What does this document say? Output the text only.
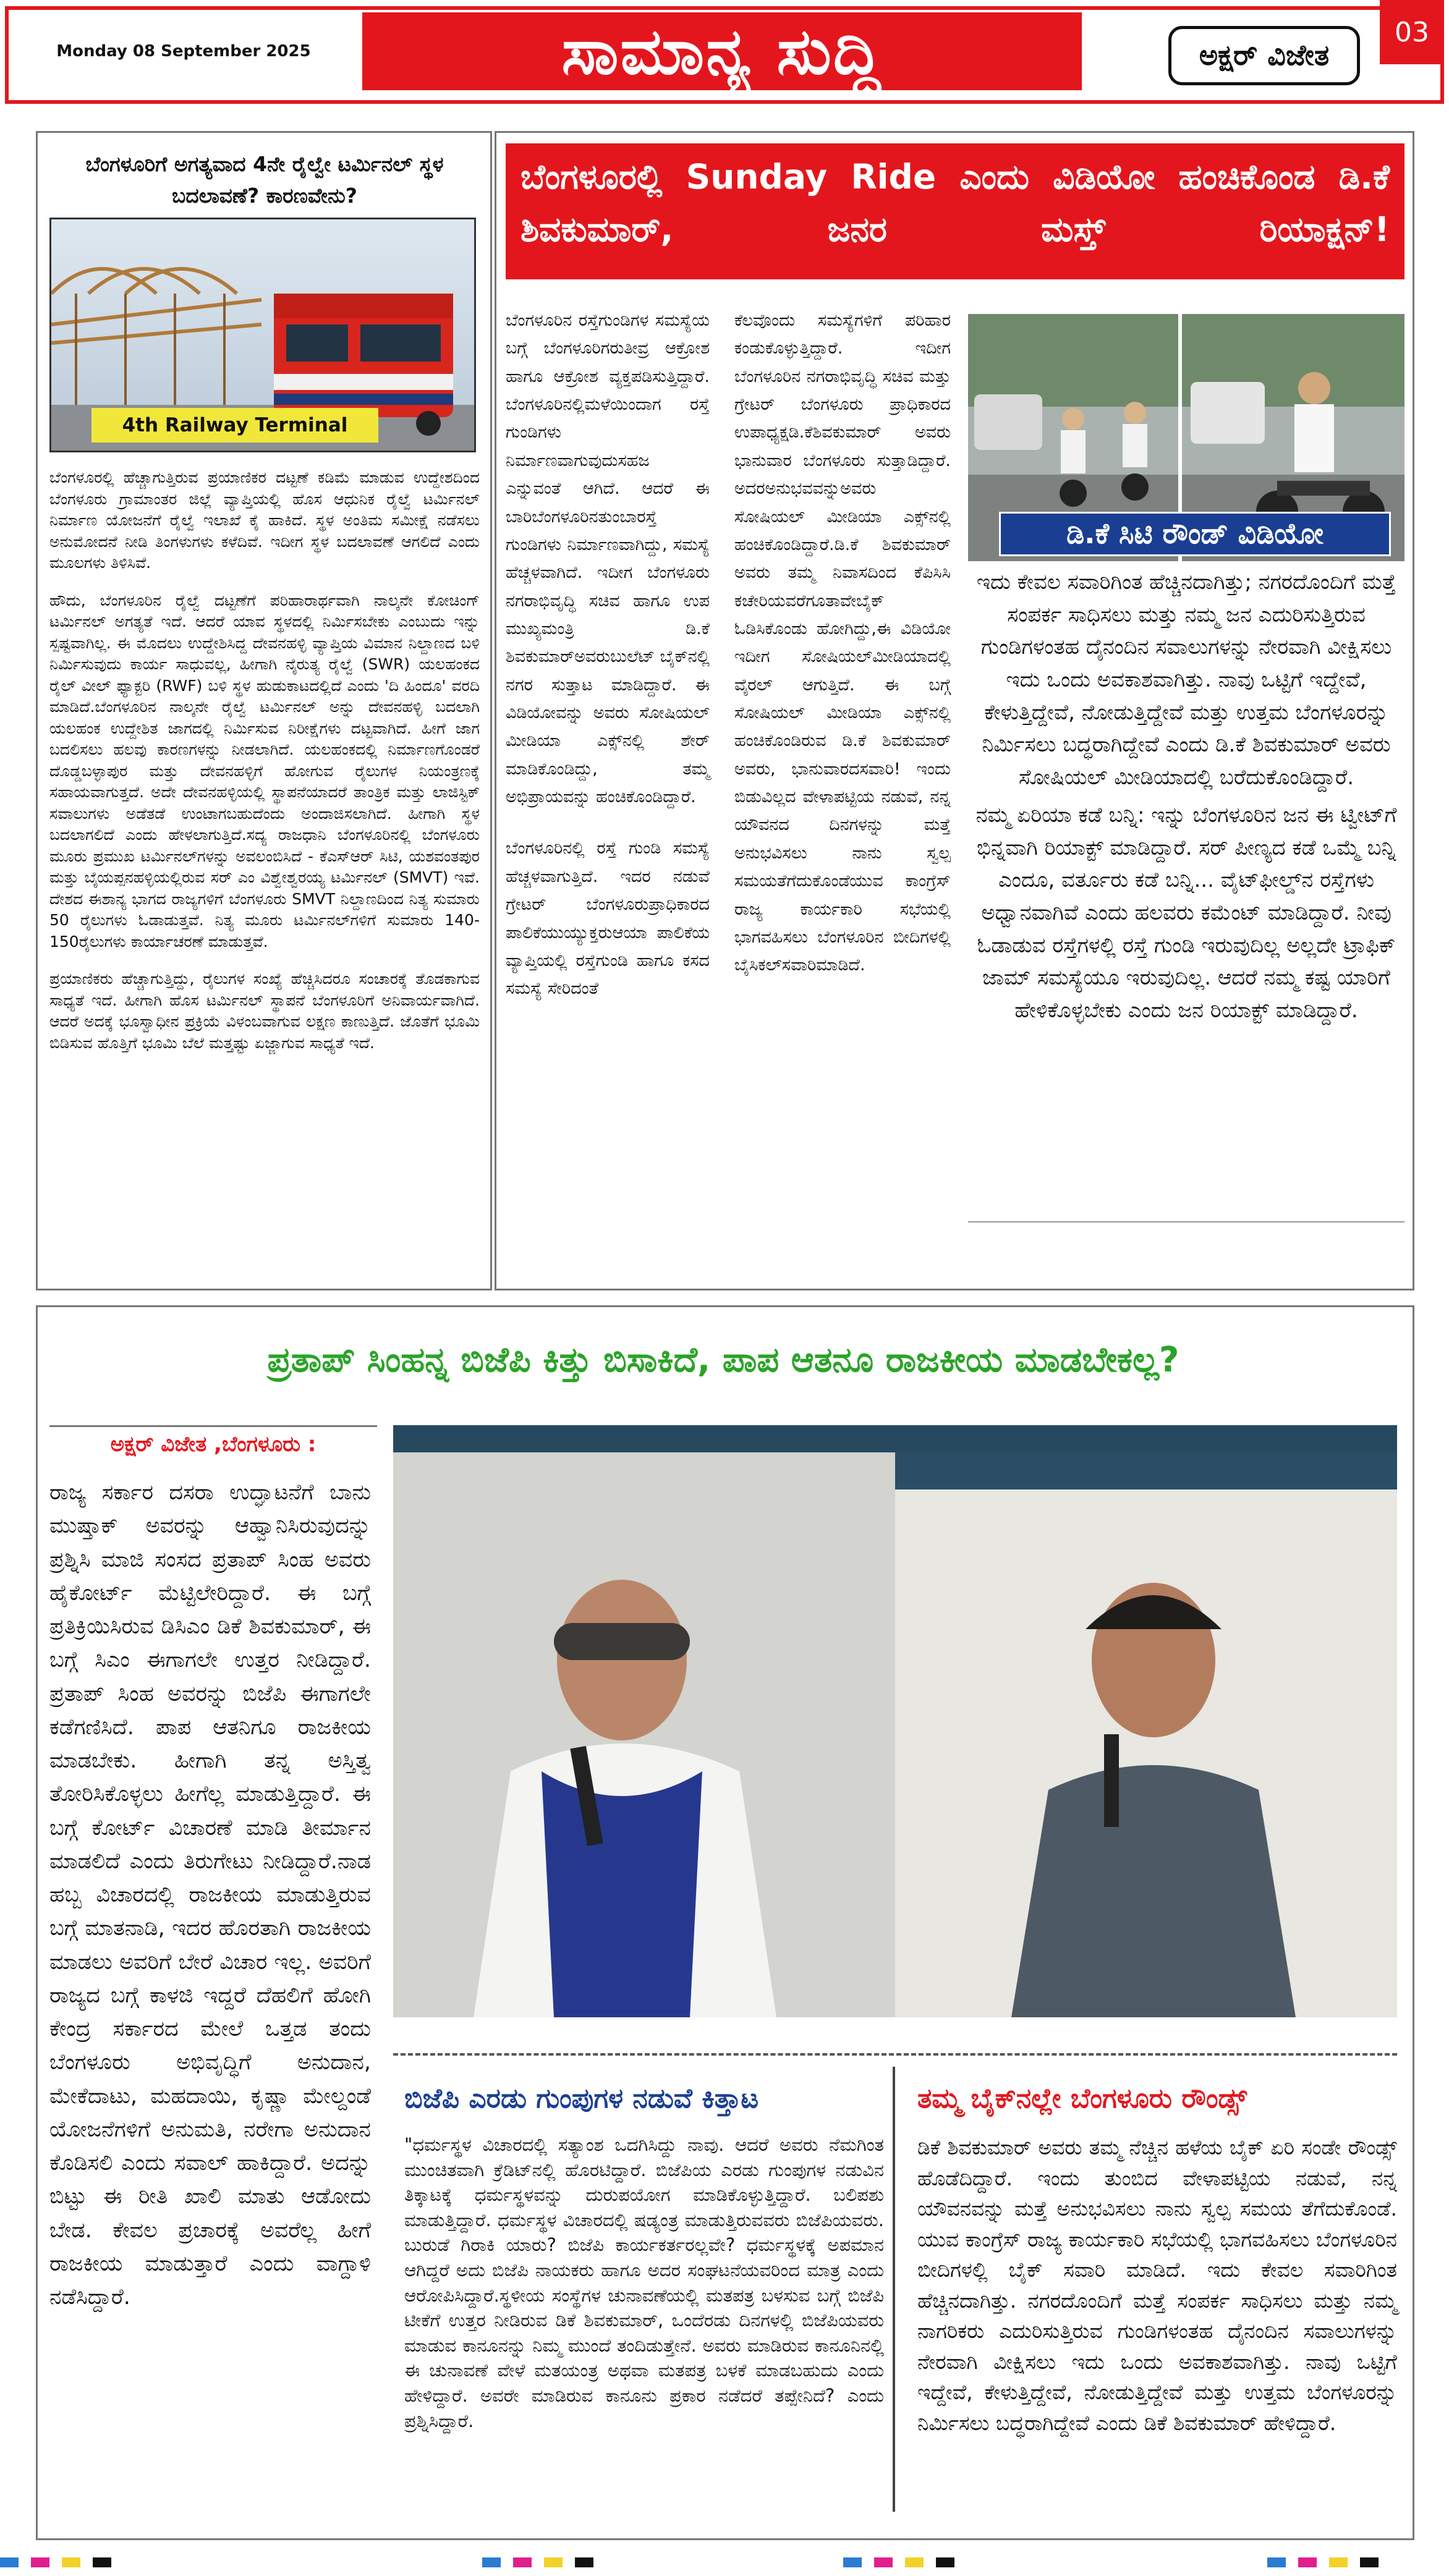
Monday 08 September 2025	ಸಾಮಾನ್ಯ ಸುದ್ದಿ	ಅಕ್ಷರ್ ವಿಜೇತ
03
ಬೆಂಗಳೂರಿಗೆ ಅಗತ್ಯವಾದ 4ನೇ ರೈಲ್ವೇ ಟರ್ಮಿನಲ್ ಸ್ಥಳ ಬದಲಾವಣೆ? ಕಾರಣವೇನು?
4th Railway Terminal

ಬೆಂಗಳೂರಲ್ಲಿ ಹೆಚ್ಚಾಗುತ್ತಿರುವ ಪ್ರಯಾಣಿಕರ ದಟ್ಟಣೆ ಕಡಿಮೆ ಮಾಡುವ ಉದ್ದೇಶದಿಂದ ಬೆಂಗಳೂರು ಗ್ರಾಮಾಂತರ ಜಿಲ್ಲೆ ವ್ಯಾಪ್ತಿಯಲ್ಲಿ ಹೊಸ ಆಧುನಿಕ ರೈಲ್ವೆ ಟರ್ಮಿನಲ್ ನಿರ್ಮಾಣ ಯೋಜನೆಗೆ ರೈಲ್ವೆ ಇಲಾಖೆ ಕೈ ಹಾಕಿದೆ. ಸ್ಥಳ ಅಂತಿಮ ಸಮೀಕ್ಷೆ ನಡೆಸಲು ಅನುಮೋದನೆ ನೀಡಿ ತಿಂಗಳುಗಳು ಕಳೆದಿವೆ. ಇದೀಗ ಸ್ಥಳ ಬದಲಾವಣೆ ಆಗಲಿದೆ ಎಂದು ಮೂಲಗಳು ತಿಳಿಸಿವೆ.

ಹೌದು, ಬೆಂಗಳೂರಿನ ರೈಲ್ವೆ ದಟ್ಟಣೆಗೆ ಪರಿಹಾರಾರ್ಥವಾಗಿ ನಾಲ್ಕನೇ ಕೋಚಿಂಗ್ ಟರ್ಮಿನಲ್ ಅಗತ್ಯತೆ ಇದೆ. ಆದರೆ ಯಾವ ಸ್ಥಳದಲ್ಲಿ ನಿರ್ಮಿಸಬೇಕು ಎಂಬುದು ಇನ್ನು ಸ್ಪಷ್ಟವಾಗಿಲ್ಲ. ಈ ಮೊದಲು ಉದ್ದೇಶಿಸಿದ್ದ ದೇವನಹಳ್ಳಿ ವ್ಯಾಪ್ತಿಯ ವಿಮಾನ ನಿಲ್ದಾಣದ ಬಳಿ ನಿರ್ಮಿಸುವುದು ಕಾರ್ಯ ಸಾಧುವಲ್ಲ, ಹೀಗಾಗಿ ನೈರುತ್ಯ ರೈಲ್ವೆ (SWR) ಯಲಹಂಕದ ರೈಲ್ ವೀಲ್ ಫ್ಯಾಕ್ಟರಿ (RWF) ಬಳಿ ಸ್ಥಳ ಹುಡುಕಾಟದಲ್ಲಿದೆ ಎಂದು 'ದಿ ಹಿಂದೂ' ವರದಿ ಮಾಡಿದೆ.ಬೆಂಗಳೂರಿನ ನಾಲ್ಕನೇ ರೈಲ್ವೆ ಟರ್ಮಿನಲ್ ಅನ್ನು ದೇವನಹಳ್ಳಿ ಬದಲಾಗಿ ಯಲಹಂಕ ಉದ್ದೇಶಿತ ಜಾಗದಲ್ಲಿ ನಿರ್ಮಿಸುವ ನಿರೀಕ್ಷೆಗಳು ದಟ್ಟವಾಗಿದೆ. ಹೀಗೆ ಜಾಗ ಬದಲಿಸಲು ಹಲವು ಕಾರಣಗಳನ್ನು ನೀಡಲಾಗಿದೆ. ಯಲಹಂಕದಲ್ಲಿ ನಿರ್ಮಾಣಗೊಂಡರೆ ದೊಡ್ಡಬಳ್ಳಾಪುರ ಮತ್ತು ದೇವನಹಳ್ಳಿಗೆ ಹೋಗುವ ರೈಲುಗಳ ನಿಯಂತ್ರಣಕ್ಕೆ ಸಹಾಯವಾಗುತ್ತದೆ. ಅದೇ ದೇವನಹಳ್ಳಿಯಲ್ಲಿ ಸ್ಥಾಪನೆಯಾದರೆ ತಾಂತ್ರಿಕ ಮತ್ತು ಲಾಜಿಸ್ಟಿಕ್ ಸವಾಲುಗಳು ಅಡೆತಡೆ ಉಂಟಾಗಬಹುದೆಂದು ಅಂದಾಜಿಸಲಾಗಿದೆ. ಹೀಗಾಗಿ ಸ್ಥಳ ಬದಲಾಗಲಿದೆ ಎಂದು ಹೇಳಲಾಗುತ್ತಿದೆ.ಸದ್ಯ ರಾಜಧಾನಿ ಬೆಂಗಳೂರಿನಲ್ಲಿ ಬೆಂಗಳೂರು ಮೂರು ಪ್ರಮುಖ ಟರ್ಮಿನಲ್‌ಗಳನ್ನು ಅವಲಂಬಿಸಿದೆ - ಕೆಎಸ್‌ಆರ್ ಸಿಟಿ, ಯಶವಂತಪುರ ಮತ್ತು ಬೈಯಪ್ಪನಹಳ್ಳಿಯಲ್ಲಿರುವ ಸರ್ ಎಂ ವಿಶ್ವೇಶ್ವರಯ್ಯ ಟರ್ಮಿನಲ್ (SMVT) ಇವೆ. ದೇಶದ ಈಶಾನ್ಯ ಭಾಗದ ರಾಜ್ಯಗಳಿಗೆ ಬೆಂಗಳೂರು SMVT ನಿಲ್ದಾಣದಿಂದ ನಿತ್ಯ ಸುಮಾರು 50 ರೈಲುಗಳು ಓಡಾಡುತ್ತವೆ. ನಿತ್ಯ ಮೂರು ಟರ್ಮಿನಲ್‌ಗಳಿಗೆ ಸುಮಾರು 140- 150ರೈಲುಗಳು ಕಾರ್ಯಾಚರಣೆ ಮಾಡುತ್ತವೆ.

ಪ್ರಯಾಣಿಕರು ಹೆಚ್ಚಾಗುತ್ತಿದ್ದು, ರೈಲುಗಳ ಸಂಖ್ಯೆ ಹೆಚ್ಚಿಸಿದರೂ ಸಂಚಾರಕ್ಕೆ ತೊಡಕಾಗುವ ಸಾಧ್ಯತೆ ಇದೆ. ಹೀಗಾಗಿ ಹೊಸ ಟರ್ಮಿನಲ್ ಸ್ಥಾಪನೆ ಬೆಂಗಳೂರಿಗೆ ಅನಿವಾರ್ಯವಾಗಿದೆ. ಆದರೆ ಅದಕ್ಕೆ ಭೂಸ್ವಾಧೀನ ಪ್ರಕ್ರಿಯೆ ವಿಳಂಬವಾಗುವ ಲಕ್ಷಣ ಕಾಣುತ್ತಿದೆ. ಜೊತೆಗೆ ಭೂಮಿ ಬಿಡಿಸುವ ಹೊತ್ತಿಗೆ ಭೂಮಿ ಬೆಲೆ ಮತ್ತಷ್ಟು ಏಜ್ಜಾಗುವ ಸಾಧ್ಯತೆ ಇದೆ.

ಬೆಂಗಳೂರಲ್ಲಿ Sunday Ride ಎಂದು ವಿಡಿಯೋ ಹಂಚಿಕೊಂಡ ಡಿ.ಕೆ ಶಿವಕುಮಾರ್, ಜನರ ಮಸ್ತ್ ರಿಯಾಕ್ಷನ್!

ಬೆಂಗಳೂರಿನ ರಸ್ತೆಗುಂಡಿಗಳ ಸಮಸ್ಯೆಯ ಬಗ್ಗೆ ಬೆಂಗಳೂರಿಗರುತೀವ್ರ ಆಕ್ರೋಶ ಹಾಗೂ ಆಕ್ರೋಶ ವ್ಯಕ್ತಪಡಿಸುತ್ತಿದ್ದಾರೆ. ಬೆಂಗಳೂರಿನಲ್ಲಿಮಳೆಯಿಂದಾಗ ರಸ್ತೆ ಗುಂಡಿಗಳು ನಿರ್ಮಾಣವಾಗುವುದುಸಹಜ ಎನ್ನುವಂತೆ ಆಗಿದೆ. ಆದರೆ ಈ ಬಾರಿಬೆಂಗಳೂರಿನತುಂಬಾರಸ್ತೆ ಗುಂಡಿಗಳು ನಿರ್ಮಾಣವಾಗಿದ್ದು, ಸಮಸ್ಯೆ ಹೆಚ್ಚಳವಾಗಿದೆ. ಇದೀಗ ಬೆಂಗಳೂರು ನಗರಾಭಿವೃದ್ಧಿ ಸಚಿವ ಹಾಗೂ ಉಪ ಮುಖ್ಯಮಂತ್ರಿ ಡಿ.ಕೆ ಶಿವಕುಮಾರ್‌ಅವರುಬುಲೆಟ್ ಬೈಕ್‌ನಲ್ಲಿ ನಗರ ಸುತ್ತಾಟ ಮಾಡಿದ್ದಾರೆ. ಈ ವಿಡಿಯೋವನ್ನು ಅವರು ಸೋಷಿಯಲ್ ಮೀಡಿಯಾ ಎಕ್ಸ್‌ನಲ್ಲಿ ಶೇರ್ ಮಾಡಿಕೊಂಡಿದ್ದು, ತಮ್ಮ ಅಭಿಪ್ರಾಯವನ್ನು ಹಂಚಿಕೊಂಡಿದ್ದಾರೆ.

ಬೆಂಗಳೂರಿನಲ್ಲಿ ರಸ್ತೆ ಗುಂಡಿ ಸಮಸ್ಯೆ ಹೆಚ್ಚಳವಾಗುತ್ತಿದೆ. ಇದರ ನಡುವೆ ಗ್ರೇಟರ್ ಬೆಂಗಳೂರುಪ್ರಾಧಿಕಾರದ ಪಾಲಿಕೆಯುಯ್ಯುಕ್ತರುಆಯಾ ಪಾಲಿಕೆಯ ವ್ಯಾಪ್ತಿಯಲ್ಲಿ ರಸ್ತೆಗುಂಡಿ ಹಾಗೂ ಕಸದ ಸಮಸ್ಯೆ ಸೇರಿದಂತೆ

ಕೆಲವೊಂದು ಸಮಸ್ಯೆಗಳಿಗೆ ಪರಿಹಾರ ಕಂಡುಕೊಳ್ಳುತ್ತಿದ್ದಾರೆ. ಇದೀಗ ಬೆಂಗಳೂರಿನ ನಗರಾಭಿವೃದ್ಧಿ ಸಚಿವ ಮತ್ತು ಗ್ರೇಟರ್ ಬೆಂಗಳೂರು ಪ್ರಾಧಿಕಾರದ ಉಪಾಧ್ಯಕ್ಷಡಿ.ಕೆಶಿವಕುಮಾರ್ ಅವರು ಭಾನುವಾರ ಬೆಂಗಳೂರು ಸುತ್ತಾಡಿದ್ದಾರೆ. ಅದರಅನುಭವವನ್ನುಅವರು ಸೋಷಿಯಲ್ ಮೀಡಿಯಾ ಎಕ್ಸ್‌ನಲ್ಲಿ ಹಂಚಿಕೊಂಡಿದ್ದಾರೆ.ಡಿ.ಕೆ ಶಿವಕುಮಾರ್ ಅವರು ತಮ್ಮ ನಿವಾಸದಿಂದ ಕೆಪಿಸಿಸಿ ಕಚೇರಿಯವರೆಗೂತಾವೇಬೈಕ್ ಓಡಿಸಿಕೊಂಡು ಹೋಗಿದ್ದು,ಈ ವಿಡಿಯೋ ಇದೀಗ ಸೋಷಿಯಲ್‌ಮೀಡಿಯಾದಲ್ಲಿ ವೈರಲ್ ಆಗುತ್ತಿದೆ. ಈ ಬಗ್ಗೆ ಸೋಷಿಯಲ್ ಮೀಡಿಯಾ ಎಕ್ಸ್‌ನಲ್ಲಿ ಹಂಚಿಕೊಂಡಿರುವ ಡಿ.ಕೆ ಶಿವಕುಮಾರ್ ಅವರು, ಭಾನುವಾರದಸವಾರಿ! ಇಂದು ಬಿಡುವಿಲ್ಲದ ವೇಳಾಪಟ್ಟಿಯ ನಡುವೆ, ನನ್ನ ಯೌವನದ ದಿನಗಳನ್ನು ಮತ್ತೆ ಅನುಭವಿಸಲು ನಾನು ಸ್ವಲ್ಪ ಸಮಯತೆಗೆದುಕೊಂಡೆಯುವ ಕಾಂಗ್ರೆಸ್ ರಾಜ್ಯ ಕಾರ್ಯಕಾರಿ ಸಭೆಯಲ್ಲಿ ಭಾಗವಹಿಸಲು ಬೆಂಗಳೂರಿನ ಬೀದಿಗಳಲ್ಲಿ ಬೈಸಿಕಲ್‌ಸವಾರಿಮಾಡಿದೆ.

ಡಿ.ಕೆ ಸಿಟಿ ರೌಂಡ್ ವಿಡಿಯೋ

ಇದು ಕೇವಲ ಸವಾರಿಗಿಂತ ಹೆಚ್ಚಿನದಾಗಿತ್ತು; ನಗರದೊಂದಿಗೆ ಮತ್ತೆ ಸಂಪರ್ಕ ಸಾಧಿಸಲು ಮತ್ತು ನಮ್ಮ ಜನ ಎದುರಿಸುತ್ತಿರುವ ಗುಂಡಿಗಳಂತಹ ದೈನಂದಿನ ಸವಾಲುಗಳನ್ನು ನೇರವಾಗಿ ವೀಕ್ಷಿಸಲು ಇದು ಒಂದು ಅವಕಾಶವಾಗಿತ್ತು. ನಾವು ಒಟ್ಟಿಗೆ ಇದ್ದೇವೆ, ಕೇಳುತ್ತಿದ್ದೇವೆ, ನೋಡುತ್ತಿದ್ದೇವೆ ಮತ್ತು ಉತ್ತಮ ಬೆಂಗಳೂರನ್ನು ನಿರ್ಮಿಸಲು ಬದ್ಧರಾಗಿದ್ದೇವೆ ಎಂದು ಡಿ.ಕೆ ಶಿವಕುಮಾರ್ ಅವರು ಸೋಷಿಯಲ್ ಮೀಡಿಯಾದಲ್ಲಿ ಬರೆದುಕೊಂಡಿದ್ದಾರೆ.

ನಮ್ಮ ಏರಿಯಾ ಕಡೆ ಬನ್ನಿ: ಇನ್ನು ಬೆಂಗಳೂರಿನ ಜನ ಈ ಟ್ವೀಟ್‌ಗೆ ಭಿನ್ನವಾಗಿ ರಿಯಾಕ್ಟ್ ಮಾಡಿದ್ದಾರೆ. ಸರ್ ಪೀಣ್ಯದ ಕಡೆ ಒಮ್ಮೆ ಬನ್ನಿ ಎಂದೂ, ವರ್ತೂರು ಕಡೆ ಬನ್ನಿ... ವೈಟ್‌ಫೀಲ್ಡ್‌ನ ರಸ್ತೆಗಳು ಅಧ್ವಾನವಾಗಿವೆ ಎಂದು ಹಲವರು ಕಮೆಂಟ್ ಮಾಡಿದ್ದಾರೆ. ನೀವು ಓಡಾಡುವ ರಸ್ತೆಗಳಲ್ಲಿ ರಸ್ತೆ ಗುಂಡಿ ಇರುವುದಿಲ್ಲ ಅಲ್ಲದೇ ಟ್ರಾಫಿಕ್ ಜಾಮ್ ಸಮಸ್ಯೆಯೂ ಇರುವುದಿಲ್ಲ. ಆದರೆ ನಮ್ಮ ಕಷ್ಟ ಯಾರಿಗೆ ಹೇಳಿಕೊಳ್ಳಬೇಕು ಎಂದು ಜನ ರಿಯಾಕ್ಟ್ ಮಾಡಿದ್ದಾರೆ.

ಪ್ರತಾಪ್ ಸಿಂಹನ್ನ ಬಿಜೆಪಿ ಕಿತ್ತು ಬಿಸಾಕಿದೆ, ಪಾಪ ಆತನೂ ರಾಜಕೀಯ ಮಾಡಬೇಕಲ್ಲ?
ಅಕ್ಷರ್ ವಿಜೇತ ,ಬೆಂಗಳೂರು :
ರಾಜ್ಯ ಸರ್ಕಾರ ದಸರಾ ಉದ್ಘಾಟನೆಗೆ ಬಾನು ಮುಷ್ತಾಕ್ ಅವರನ್ನು ಆಹ್ವಾನಿಸಿರುವುದನ್ನು ಪ್ರಶ್ನಿಸಿ ಮಾಜಿ ಸಂಸದ ಪ್ರತಾಪ್ ಸಿಂಹ ಅವರು ಹೈಕೋರ್ಟ್ ಮೆಟ್ಟಿಲೇರಿದ್ದಾರೆ. ಈ ಬಗ್ಗೆ ಪ್ರತಿಕ್ರಿಯಿಸಿರುವ ಡಿಸಿಎಂ ಡಿಕೆ ಶಿವಕುಮಾರ್, ಈ ಬಗ್ಗೆ ಸಿಎಂ ಈಗಾಗಲೇ ಉತ್ತರ ನೀಡಿದ್ದಾರೆ. ಪ್ರತಾಪ್ ಸಿಂಹ ಅವರನ್ನು ಬಿಜೆಪಿ ಈಗಾಗಲೇ ಕಡೆಗಣಿಸಿದೆ. ಪಾಪ ಆತನಿಗೂ ರಾಜಕೀಯ ಮಾಡಬೇಕು. ಹೀಗಾಗಿ ತನ್ನ ಅಸ್ತಿತ್ವ ತೋರಿಸಿಕೊಳ್ಳಲು ಹೀಗೆಲ್ಲ ಮಾಡುತ್ತಿದ್ದಾರೆ. ಈ ಬಗ್ಗೆ ಕೋರ್ಟ್ ವಿಚಾರಣೆ ಮಾಡಿ ತೀರ್ಮಾನ ಮಾಡಲಿದೆ ಎಂದು ತಿರುಗೇಟು ನೀಡಿದ್ದಾರೆ.ನಾಡ ಹಬ್ಬ ವಿಚಾರದಲ್ಲಿ ರಾಜಕೀಯ ಮಾಡುತ್ತಿರುವ ಬಗ್ಗೆ ಮಾತನಾಡಿ, ಇದರ ಹೊರತಾಗಿ ರಾಜಕೀಯ ಮಾಡಲು ಅವರಿಗೆ ಬೇರೆ ವಿಚಾರ ಇಲ್ಲ. ಅವರಿಗೆ ರಾಜ್ಯದ ಬಗ್ಗೆ ಕಾಳಜಿ ಇದ್ದರೆ ದೆಹಲಿಗೆ ಹೋಗಿ ಕೇಂದ್ರ ಸರ್ಕಾರದ ಮೇಲೆ ಒತ್ತಡ ತಂದು ಬೆಂಗಳೂರು ಅಭಿವೃದ್ಧಿಗೆ ಅನುದಾನ, ಮೇಕೆದಾಟು, ಮಹದಾಯಿ, ಕೃಷ್ಣಾ ಮೇಲ್ದಂಡೆ ಯೋಜನೆಗಳಿಗೆ ಅನುಮತಿ, ನರೇಗಾ ಅನುದಾನ ಕೊಡಿಸಲಿ ಎಂದು ಸವಾಲ್ ಹಾಕಿದ್ದಾರೆ. ಅದನ್ನು ಬಿಟ್ಟು ಈ ರೀತಿ ಖಾಲಿ ಮಾತು ಆಡೋದು ಬೇಡ. ಕೇವಲ ಪ್ರಚಾರಕ್ಕೆ ಅವರೆಲ್ಲ ಹೀಗೆ ರಾಜಕೀಯ ಮಾಡುತ್ತಾರೆ ಎಂದು ವಾಗ್ದಾಳಿ ನಡೆಸಿದ್ದಾರೆ.
ಬಿಜೆಪಿ ಎರಡು ಗುಂಪುಗಳ ನಡುವೆ ಕಿತ್ತಾಟ
"ಧರ್ಮಸ್ಥಳ ವಿಚಾರದಲ್ಲಿ ಸತ್ಯಾಂಶ ಒದಗಿಸಿದ್ದು ನಾವು. ಆದರೆ ಅವರು ನೆಮಗಿಂತ ಮುಂಚಿತವಾಗಿ ಕ್ರೆಡಿಟ್‌ನಲ್ಲಿ ಹೊರಟಿದ್ದಾರೆ. ಬಿಜೆಪಿಯ ಎರಡು ಗುಂಪುಗಳ ನಡುವಿನ ತಿಕ್ಕಾಟಕ್ಕೆ ಧರ್ಮಸ್ಥಳವನ್ನು ದುರುಪಯೋಗ ಮಾಡಿಕೊಳ್ಳುತ್ತಿದ್ದಾರೆ. ಬಲಿಪಶು ಮಾಡುತ್ತಿದ್ದಾರೆ. ಧರ್ಮಸ್ಥಳ ವಿಚಾರದಲ್ಲಿ ಷಡ್ಯಂತ್ರ ಮಾಡುತ್ತಿರುವವರು ಬಿಜೆಪಿಯವರು. ಬುರುಡೆ ಗಿರಾಕಿ ಯಾರು? ಬಿಜೆಪಿ ಕಾರ್ಯಕರ್ತರಲ್ಲವೇ? ಧರ್ಮಸ್ಥಳಕ್ಕೆ ಅಪಮಾನ ಆಗಿದ್ದರೆ ಅದು ಬಿಜೆಪಿ ನಾಯಕರು ಹಾಗೂ ಅದರ ಸಂಘಟನೆಯವರಿಂದ ಮಾತ್ರ ಎಂದು ಆರೋಪಿಸಿದ್ದಾರೆ.ಸ್ಥಳೀಯ ಸಂಸ್ಥೆಗಳ ಚುನಾವಣೆಯಲ್ಲಿ ಮತಪತ್ರ ಬಳಸುವ ಬಗ್ಗೆ ಬಿಜೆಪಿ ಟೀಕೆಗೆ ಉತ್ತರ ನೀಡಿರುವ ಡಿಕೆ ಶಿವಕುಮಾರ್, ಒಂದೆರಡು ದಿನಗಳಲ್ಲಿ ಬಿಜೆಪಿಯವರು ಮಾಡುವ ಕಾನೂನನ್ನು ನಿಮ್ಮ ಮುಂದೆ ತಂದಿಡುತ್ತೇನೆ. ಅವರು ಮಾಡಿರುವ ಕಾನೂನಿನಲ್ಲಿ ಈ ಚುನಾವಣೆ ವೇಳೆ ಮತಯಂತ್ರ ಅಥವಾ ಮತಪತ್ರ ಬಳಕೆ ಮಾಡಬಹುದು ಎಂದು ಹೇಳಿದ್ದಾರೆ. ಅವರೇ ಮಾಡಿರುವ ಕಾನೂನು ಪ್ರಕಾರ ನಡೆದರೆ ತಪ್ಪೇನಿದೆ? ಎಂದು ಪ್ರಶ್ನಿಸಿದ್ದಾರೆ.
ತಮ್ಮ ಬೈಕ್‌ನಲ್ಲೇ ಬೆಂಗಳೂರು ರೌಂಡ್ಸ್
ಡಿಕೆ ಶಿವಕುಮಾರ್ ಅವರು ತಮ್ಮ ನೆಚ್ಚಿನ ಹಳೆಯ ಬೈಕ್ ಏರಿ ಸಂಡೇ ರೌಂಡ್ಸ್ ಹೊಡೆದಿದ್ದಾರೆ. ಇಂದು ತುಂಬಿದ ವೇಳಾಪಟ್ಟಿಯ ನಡುವೆ, ನನ್ನ ಯೌವನವನ್ನು ಮತ್ತೆ ಅನುಭವಿಸಲು ನಾನು ಸ್ವಲ್ಪ ಸಮಯ ತೆಗೆದುಕೊಂಡೆ. ಯುವ ಕಾಂಗ್ರೆಸ್ ರಾಜ್ಯ ಕಾರ್ಯಕಾರಿ ಸಭೆಯಲ್ಲಿ ಭಾಗವಹಿಸಲು ಬೆಂಗಳೂರಿನ ಬೀದಿಗಳಲ್ಲಿ ಬೈಕ್ ಸವಾರಿ ಮಾಡಿದೆ. ಇದು ಕೇವಲ ಸವಾರಿಗಿಂತ ಹೆಚ್ಚಿನದಾಗಿತ್ತು. ನಗರದೊಂದಿಗೆ ಮತ್ತೆ ಸಂಪರ್ಕ ಸಾಧಿಸಲು ಮತ್ತು ನಮ್ಮ ನಾಗರಿಕರು ಎದುರಿಸುತ್ತಿರುವ ಗುಂಡಿಗಳಂತಹ ದೈನಂದಿನ ಸವಾಲುಗಳನ್ನು ನೇರವಾಗಿ ವೀಕ್ಷಿಸಲು ಇದು ಒಂದು ಅವಕಾಶವಾಗಿತ್ತು. ನಾವು ಒಟ್ಟಿಗೆ ಇದ್ದೇವೆ, ಕೇಳುತ್ತಿದ್ದೇವೆ, ನೋಡುತ್ತಿದ್ದೇವೆ ಮತ್ತು ಉತ್ತಮ ಬೆಂಗಳೂರನ್ನು ನಿರ್ಮಿಸಲು ಬದ್ಧರಾಗಿದ್ದೇವೆ ಎಂದು ಡಿಕೆ ಶಿವಕುಮಾರ್ ಹೇಳಿದ್ದಾರೆ.
